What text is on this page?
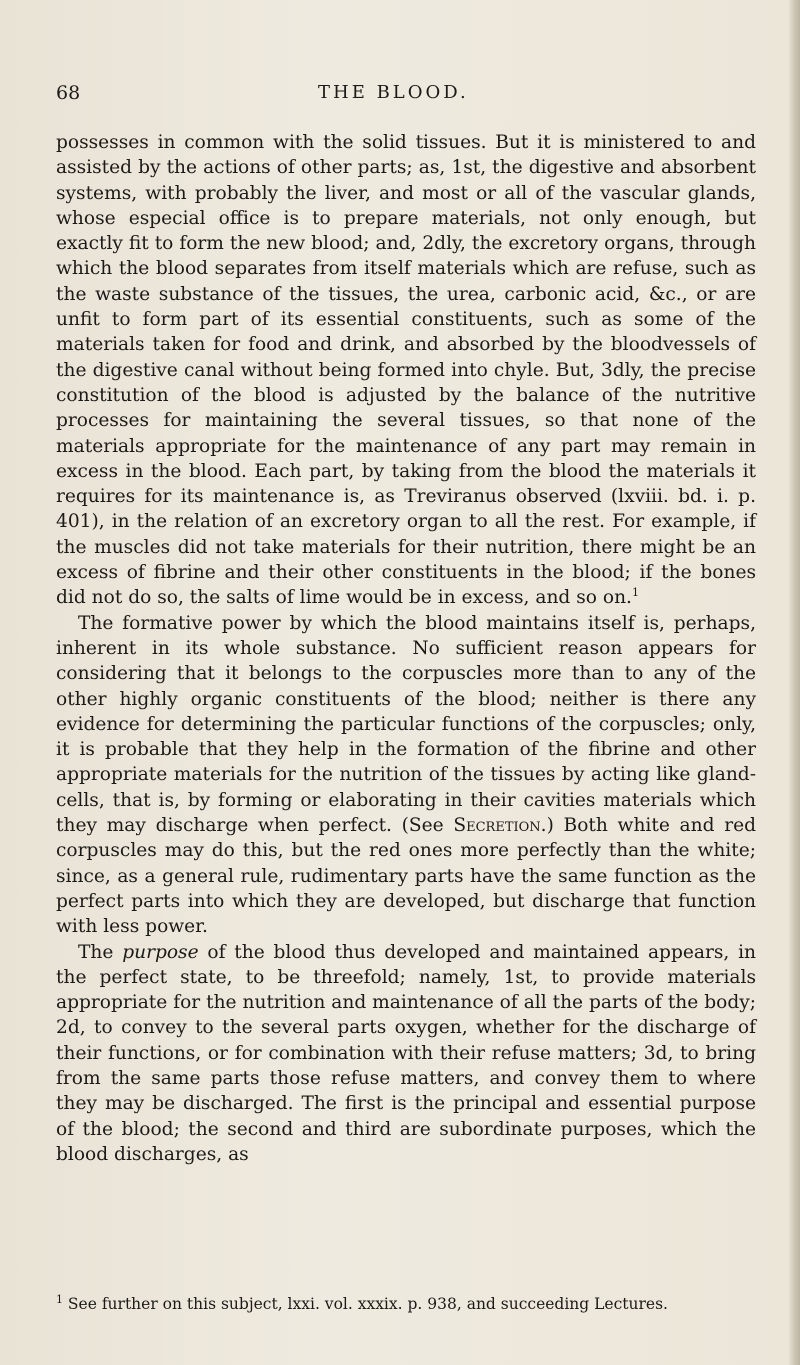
68	THE BLOOD.

possesses in common with the solid tissues. But it is ministered to and assisted by the actions of other parts; as, 1st, the digestive and absorbent systems, with probably the liver, and most or all of the vascular glands, whose especial office is to prepare materials, not only enough, but exactly fit to form the new blood; and, 2dly, the excretory organs, through which the blood separates from itself materials which are refuse, such as the waste substance of the tissues, the urea, carbonic acid, &c., or are unfit to form part of its essential constituents, such as some of the materials taken for food and drink, and absorbed by the bloodvessels of the digestive canal without being formed into chyle. But, 3dly, the precise constitution of the blood is adjusted by the balance of the nutritive processes for maintaining the several tissues, so that none of the materials appropriate for the maintenance of any part may remain in excess in the blood. Each part, by taking from the blood the materials it requires for its maintenance is, as Treviranus observed (lxviii. bd. i. p. 401), in the relation of an excretory organ to all the rest. For example, if the muscles did not take materials for their nutrition, there might be an excess of fibrine and their other constituents in the blood; if the bones did not do so, the salts of lime would be in excess, and so on.$^1$

The formative power by which the blood maintains itself is, perhaps, inherent in its whole substance. No sufficient reason appears for considering that it belongs to the corpuscles more than to any of the other highly organic constituents of the blood; neither is there any evidence for determining the particular functions of the corpuscles; only, it is probable that they help in the formation of the fibrine and other appropriate materials for the nutrition of the tissues by acting like gland-cells, that is, by forming or elaborating in their cavities materials which they may discharge when perfect. (See Secretion.) Both white and red corpuscles may do this, but the red ones more perfectly than the white; since, as a general rule, rudimentary parts have the same function as the perfect parts into which they are developed, but discharge that function with less power.

The purpose of the blood thus developed and maintained appears, in the perfect state, to be threefold; namely, 1st, to provide materials appropriate for the nutrition and maintenance of all the parts of the body; 2d, to convey to the several parts oxygen, whether for the discharge of their functions, or for combination with their refuse matters; 3d, to bring from the same parts those refuse matters, and convey them to where they may be discharged. The first is the principal and essential purpose of the blood; the second and third are subordinate purposes, which the blood discharges, as

$^1$ See further on this subject, lxxi. vol. xxxix. p. 938, and succeeding Lectures.
